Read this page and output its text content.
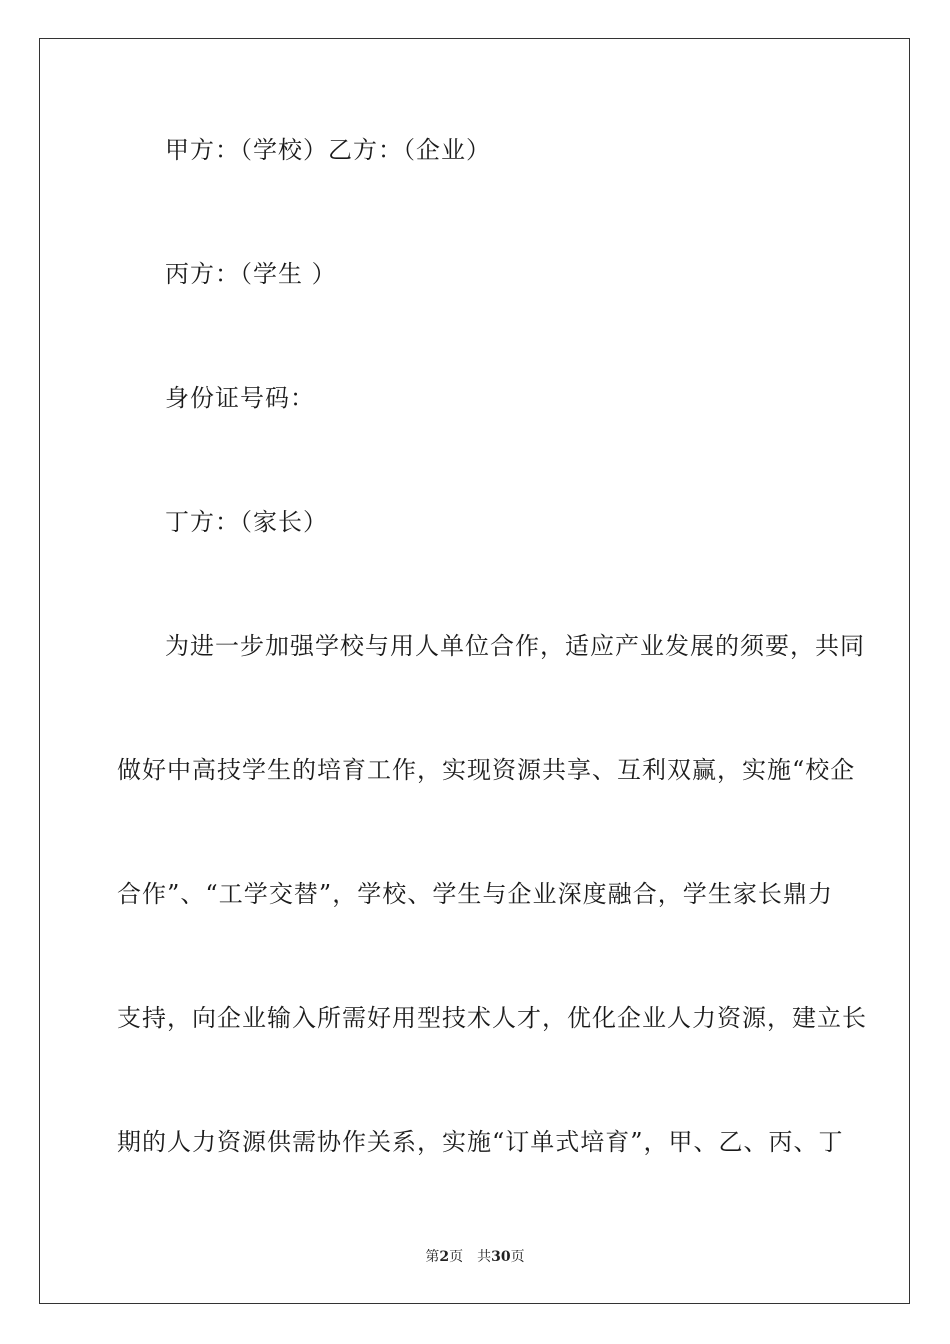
甲方：（学校）乙方：（企业）
丙方：（学生 ）
身份证号码：
丁方：（家长）
为进一步加强学校与用人单位合作，适应产业发展的须要，共同
做好中高技学生的培育工作，实现资源共享、互利双赢，实施“校企
合作”、“工学交替”，学校、学生与企业深度融合，学生家长鼎力
支持，向企业输入所需好用型技术人才，优化企业人力资源，建立长
期的人力资源供需协作关系，实施“订单式培育”，甲、乙、丙、丁
第2页 共30页
